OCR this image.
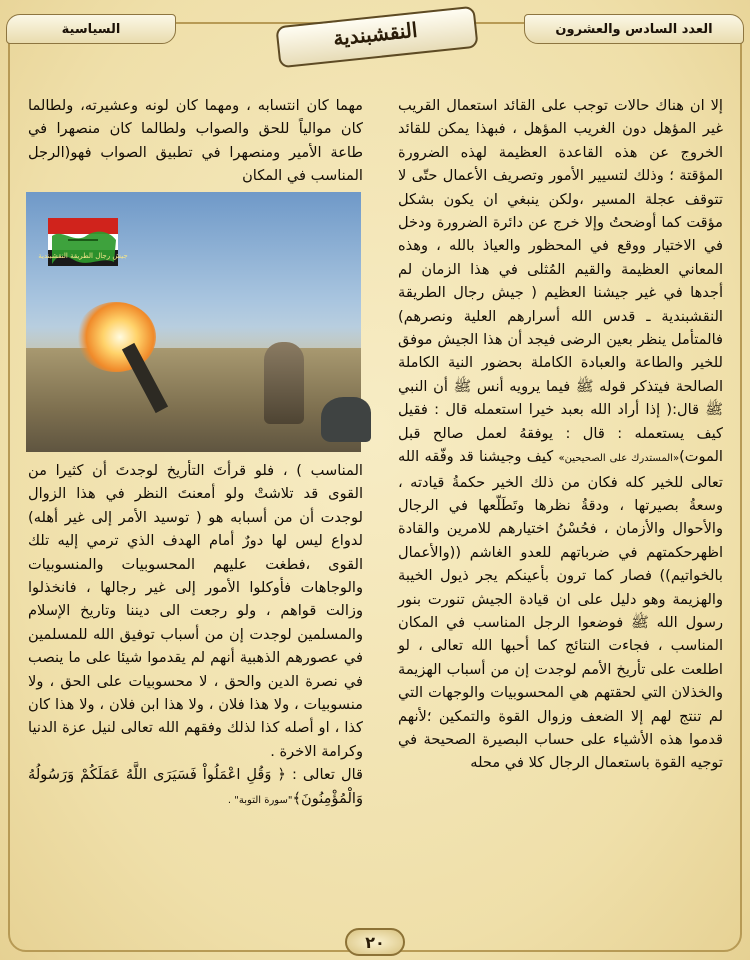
العدد السادس والعشرون
السياسية	النقشبندية

إلا ان هناك حالات توجب على القائد استعمال القريب غير المؤهل دون الغريب المؤهل ، فبهذا يمكن للقائد الخروج عن هذه القاعدة العظيمة لهذه الضرورة المؤقتة ؛ وذلك لتسيير الأمور وتصريف الأعمال حتّى لا تتوقف عجلة المسير ،ولكن ينبغي ان يكون بشكل مؤقت كما أوضحتُ وإلا خرج عن دائرة الضرورة ودخل في الاختيار ووقع في المحظور والعياذ بالله ، وهذه المعاني العظيمة والقيم المُثلى في هذا الزمان لم أجدها في غير جيشنا العظيم ( جيش رجال الطريقة النقشبندية ـ قدس الله أسرارهم العلية ونصرهم) فالمتأمل ينظر بعين الرضى فيجد أن هذا الجيش موفق للخير والطاعة والعبادة الكاملة بحضور النية الكاملة الصالحة فيتذكر قوله ﷺ فيما يرويه أنس ﷺ أن النبي ﷺ قال:( إذا أراد الله بعبد خيرا استعمله قال : فقيل كيف يستعمله : قال : يوفقهُ لعمل صالح قبل الموت)«المستدرك على الصحيحين» كيف وجيشنا قد وفّقه الله تعالى للخير كله فكان من ذلك الخير حكمةُ قيادته ، وسعةُ بصيرتها ، ودقةُ نظرها وتَطَلّعها في الرجال والأحوال والأزمان ، فحُسْنُ اختيارهم للامرين والقادة اظهرحكمتهم في ضرباتهم للعدو الغاشم ((والأعمال بالخواتيم)) فصار كما ترون بأعينكم يجر ذيول الخيبة والهزيمة وهو دليل على ان قيادة الجيش تنورت بنور رسول الله ﷺ فوضعوا الرجل المناسب في المكان المناسب ، فجاءت النتائج كما أحبها الله تعالى ، لو اطلعت على تأريخ الأمم لوجدت إن من أسباب الهزيمة والخذلان التي لحقتهم هي المحسوبيات والوجهات التي لم تنتج لهم إلا الضعف وزوال القوة والتمكين ؛لأنهم قدموا هذه الأشياء على حساب البصيرة الصحيحة في توجيه القوة باستعمال الرجال كلا في محله

مهما كان انتسابه ، ومهما كان لونه وعشيرته، ولطالما كان موالياً للحق والصواب ولطالما كان منصهرا في طاعة الأمير ومنصهرا في تطبيق الصواب فهو(الرجل المناسب في المكان

جيش رجال الطريقة النقشبندية

المناسب ) ، فلو قرأتَ التأريخ لوجدتَ أن كثيرا من القوى قد تلاشتْ ولو أمعنتَ النظر في هذا الزوال لوجدت أن من أسبابه هو ( توسيد الأمر إلى غير أهله) لدواع ليس لها دورٌ أمام الهدف الذي ترمي إليه تلك القوى ،فطغت عليهم المحسوبيات والمنسوبيات والوجاهات فأوكلوا الأمور إلى غير رجالها ، فانخذلوا وزالت قواهم ، ولو رجعت الى ديننا وتاريخ الإسلام والمسلمين لوجدت إن من أسباب توفيق الله للمسلمين في عصورهم الذهبية أنهم لم يقدموا شيئا على ما ينصب في نصرة الدين والحق ، لا محسوبيات على الحق ، ولا منسوبيات ، ولا هذا فلان ، ولا هذا ابن فلان ، ولا هذا كان كذا ، او أصله كذا لذلك وفقهم الله تعالى لنيل عزة الدنيا وكرامة الاخرة .

قال تعالى : ﴿ وَقُلِ اعْمَلُواْ فَسَيَرَى اللَّهُ عَمَلَكُمْ وَرَسُولُهُ وَالْمُؤْمِنُونَ﴾"سورة التوبة" .

٢٠
